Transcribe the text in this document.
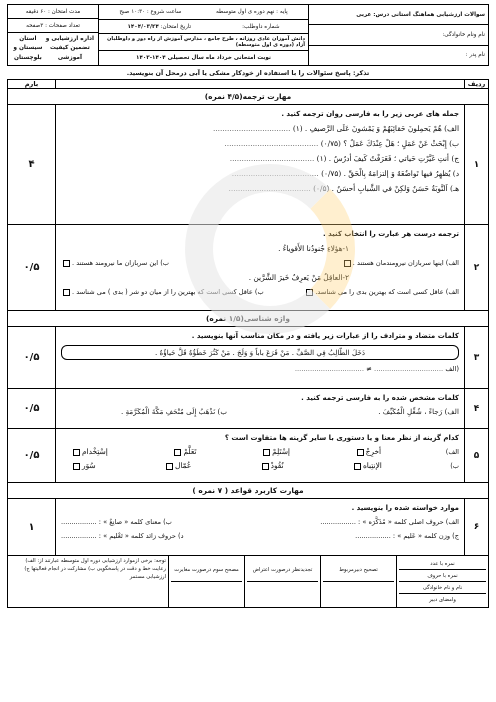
سوالات ارزشیابی هماهنگ استانی درس: عربی
نام ونام خانوادگی:
نام پدر :
پایه : نهم دوره ی اول متوسطه
ساعت شروع : ۱۰:۳۰ صبح
شماره داوطلب:
تاریخ امتحان: ۱۴۰۴/۰۳/۲۴
دانش آموزان عادی روزانه ، طرح جامع ، مدارس آموزش از راه دور و داوطلبان آزاد (دوره ی اول متوسطه)
نوبت امتحانی خرداد ماه سال تحصیلی ۱۴۰۴-۱۴۰۳
مدت امتحان : ۶۰ دقیقه
تعداد صفحات : ۳صفحه
اداره ارزشیابی و تضمین کیفیت آموزشی

استان سیستان و بلوچستان
تذکر: پاسخ سئوالات را با استفاده از خودکار مشکی یا آبی درمحل آن بنویسید.
ردیف
بارم
مهارت ترجمه(۴/۵ نمره)
۱
جمله های عربی زیر را به فارسی روان ترجمه کنید .
الف) هُمْ يَحمِلونَ حَقائِبَهُمْ وَ يَمْشونَ عَلَى الرَّصيفِ . (۱) .................................
ب) إِبْحَثْ عَنْ عَمَلٍ ؛ هَلْ عِنْدَكَ عَمَلٌ ؟ (۰/۷۵) ........................................
ج) أنتِ غَيَّرْتِ حَياتي ؛ فَعَرَفْتُ كَيفَ أدرُسُ . (۱) ....................................
د) يُظهِرُ فيها تَواضُعَهُ وَ إلتزامَهُ بِالْحَقِّ . (۰/۷۵) .....................................
هـ) اَلتَّوبَةُ حَسَنٌ وَلكِنْ في الشَّبابِ أحسَنُ . (۰/۵) ...................................
۴
۲
ترجمه درست هر عبارت را انتخاب کنید .
۱-هؤلاءِ جُنودُنا الأَقوياءُ .
الف) اینها سربازان نیرومندمان هستند .
ب) این سربازان ما نیرومند هستند .
۲-العاقِلُ مَنْ يَعرِفُ خَيرَ الشَّرَّين .
الف) عاقل کسی است که بهترین بدی را می شناسد.
ب) عاقل کسی است که بهترین را از میان دو شر ( بدی ) می شناسد .
۰/۵
واژه شناسی(۱/۵ نمره)
۳
کلمات متضاد و مترادف را از عبارات زیر یافته و در مکان مناسب آنها بنویسید .
دَخَلَ الطّالِبُ فِي الصَّفِّ . مَنْ قَرَعَ باباً وَ وَلَجَ . مَنْ كَثُرَ خَطَؤُهُ قَلَّ حَياؤُهُ .
................................ ≠ ................................ الف)
۰/۵
۴
کلمات مشخص شده را به فارسی ترجمه کنید .
الف) رَجاءً ، شُغِّلِ الْمُكَيِّفَ .
ب) نَذْهَبُ إِلَى مُتْحَفِ مَكَّةَ الْمُكَرَّمَةِ .
۰/۵
۵
کدام گزینه از نظر معنا و یا دستوری با سایر گزینه ها متفاوت است ؟
الف)
أخرِجْ
إسْتَلِمْ
تَعَلَّمْ
إسْتِخْدام
ب)
الإنتِباه
نُقُودْ
عُمّال
سُوَر
۰/۵
مهارت کاربرد قواعد ( ۷ نمره )
۶
موارد خواسته شده را بنویسید .
الف) حروف اصلی کلمه « مُذَكَّرَه » : .................
ب) معنای کلمه « صانِعٌ » : .................
ج) وزن کلمه « عَليم » : .................
د) حروف زائد کلمه « تَعْليم » : .................
۱
نمره با عدد
نمره با حروف
نام و نام خانوادگی
وامضای دبیر
تصحیح دبیرمربوط
تجدیدنظر درصورت اعتراض
مصحح سوم درصورت مغایرت
توجه: برخی ازموارد ارزشیابی دوره اول متوسطه عبارتند از: الف) رعایت خط و دقت در پاسخگویی ب) مشارکت در انجام فعالیتها ج) ارزشیابی مستمر
